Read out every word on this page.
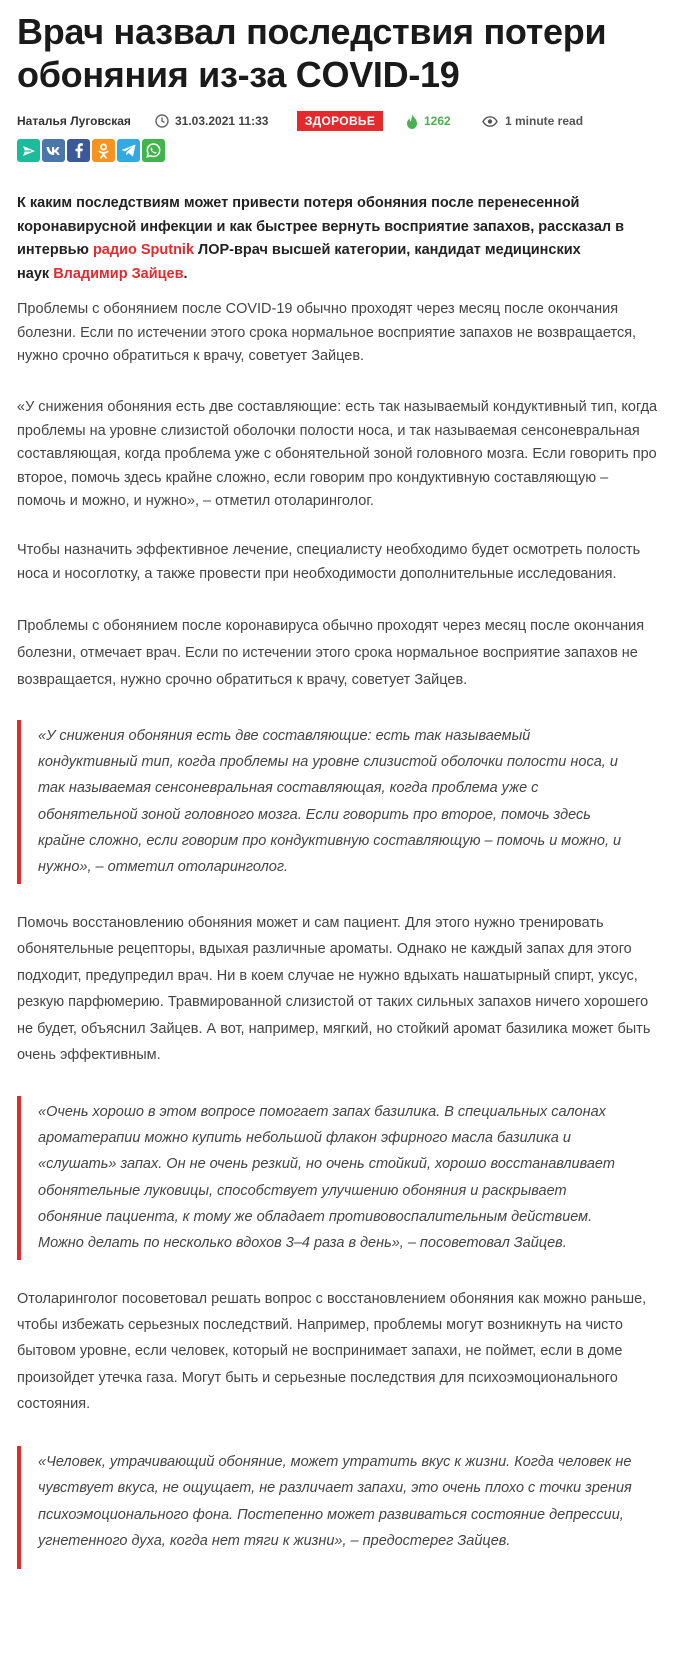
Врач назвал последствия потери
обоняния из-за COVID-19
Наталья Луговская	31.03.2021 11:33	ЗДОРОВЬЕ	1262	1 minute read
К каким последствиям может привести потеря обоняния после перенесенной
коронавирусной инфекции и как быстрее вернуть восприятие запахов, рассказал в
интервью радио Sputnik ЛОР-врач высшей категории, кандидат медицинских
наук Владимир Зайцев.
Проблемы с обонянием после COVID-19 обычно проходят через месяц после окончания
болезни. Если по истечении этого срока нормальное восприятие запахов не возвращается,
нужно срочно обратиться к врачу, советует Зайцев.
«У снижения обоняния есть две составляющие: есть так называемый кондуктивный тип, когда
проблемы на уровне слизистой оболочки полости носа, и так называемая сенсоневральная
составляющая, когда проблема уже с обонятельной зоной головного мозга. Если говорить про
второе, помочь здесь крайне сложно, если говорим про кондуктивную составляющую –
помочь и можно, и нужно», – отметил отоларинголог.
Чтобы назначить эффективное лечение, специалисту необходимо будет осмотреть полость
носа и носоглотку, а также провести при необходимости дополнительные исследования.
Проблемы с обонянием после коронавируса обычно проходят через месяц после окончания
болезни, отмечает врач. Если по истечении этого срока нормальное восприятие запахов не
возвращается, нужно срочно обратиться к врачу, советует Зайцев.
«У снижения обоняния есть две составляющие: есть так называемый
кондуктивный тип, когда проблемы на уровне слизистой оболочки полости носа, и
так называемая сенсоневральная составляющая, когда проблема уже с
обонятельной зоной головного мозга. Если говорить про второе, помочь здесь
крайне сложно, если говорим про кондуктивную составляющую – помочь и можно, и
нужно», – отметил отоларинголог.
Помочь восстановлению обоняния может и сам пациент. Для этого нужно тренировать
обонятельные рецепторы, вдыхая различные ароматы. Однако не каждый запах для этого
подходит, предупредил врач. Ни в коем случае не нужно вдыхать нашатырный спирт, уксус,
резкую парфюмерию. Травмированной слизистой от таких сильных запахов ничего хорошего
не будет, объяснил Зайцев. А вот, например, мягкий, но стойкий аромат базилика может быть
очень эффективным.
«Очень хорошо в этом вопросе помогает запах базилика. В специальных салонах
ароматерапии можно купить небольшой флакон эфирного масла базилика и
«слушать» запах. Он не очень резкий, но очень стойкий, хорошо восстанавливает
обонятельные луковицы, способствует улучшению обоняния и раскрывает
обоняние пациента, к тому же обладает противовоспалительным действием.
Можно делать по несколько вдохов 3–4 раза в день», – посоветовал Зайцев.
Отоларинголог посоветовал решать вопрос с восстановлением обоняния как можно раньше,
чтобы избежать серьезных последствий. Например, проблемы могут возникнуть на чисто
бытовом уровне, если человек, который не воспринимает запахи, не поймет, если в доме
произойдет утечка газа. Могут быть и серьезные последствия для психоэмоционального
состояния.
«Человек, утрачивающий обоняние, может утратить вкус к жизни. Когда человек не
чувствует вкуса, не ощущает, не различает запахи, это очень плохо с точки зрения
психоэмоционального фона. Постепенно может развиваться состояние депрессии,
угнетенного духа, когда нет тяги к жизни», – предостерег Зайцев.
